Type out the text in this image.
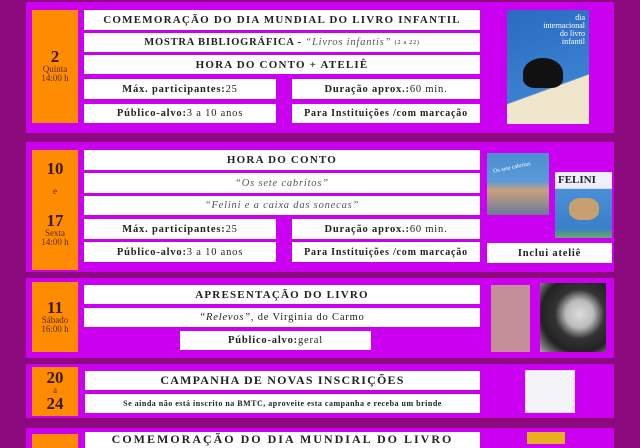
2
Quinta
14:00 h
COMEMORAÇÃO DO DIA MUNDIAL DO LIVRO INFANTIL
MOSTRA BIBLIOGRÁFICA -
“Livros infantis”
(2 a 22)
HORA DO CONTO + ATELIÊ
Máx. participantes: 25	Duração aprox.: 60 min.
Público-alvo: 3 a 10 anos	Para Instituições /com marcação
dia internacional do livro infantil
10
e
17
Sexta
14:00 h
HORA DO CONTO
“Os sete cabritos”
“Felini e a caixa das sonecas”
Máx. participantes: 25	Duração aprox.: 60 min.
Público-alvo: 3 a 10 anos	Para Instituições /com marcação	Inclui ateliê
Os sete cabritos
FELINI
11
Sábado
16:00 h
APRESENTAÇÃO DO LIVRO
“Relevos” , de Virginia do Carmo
Público-alvo: geral
20
a
24
CAMPANHA DE NOVAS INSCRIÇÕES
Se ainda não está inscrito na BMTC, aproveite esta campanha e receba um brinde
COMEMORAÇÃO DO DIA MUNDIAL DO LIVRO
